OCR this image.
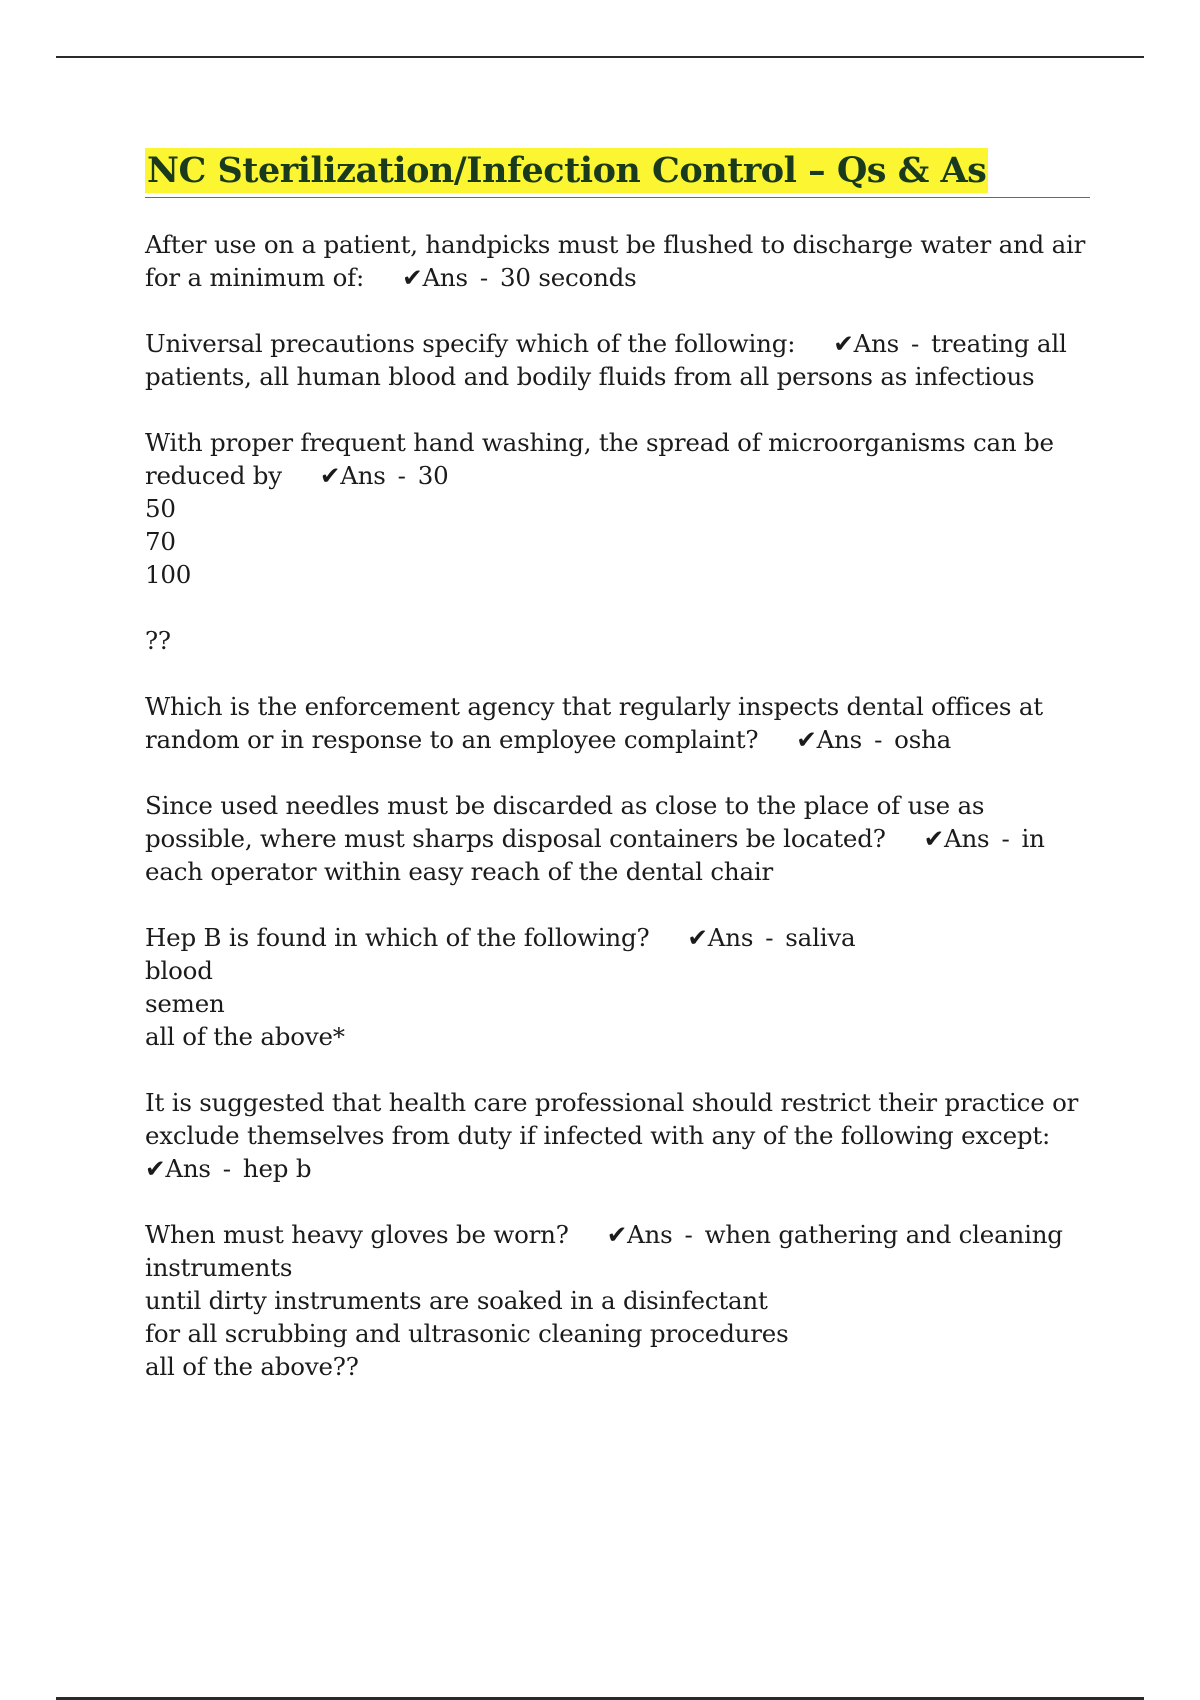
NC Sterilization/Infection Control – Qs & As

After use on a patient, handpicks must be flushed to discharge water and air for a minimum of: ✔Ans - 30 seconds

Universal precautions specify which of the following: ✔Ans - treating all patients, all human blood and bodily fluids from all persons as infectious

With proper frequent hand washing, the spread of microorganisms can be reduced by ✔Ans - 30
50
70
100

??

Which is the enforcement agency that regularly inspects dental offices at random or in response to an employee complaint? ✔Ans - osha

Since used needles must be discarded as close to the place of use as possible, where must sharps disposal containers be located? ✔Ans - in each operator within easy reach of the dental chair

Hep B is found in which of the following? ✔Ans - saliva
blood
semen
all of the above*

It is suggested that health care professional should restrict their practice or exclude themselves from duty if infected with any of the following except:
✔Ans - hep b

When must heavy gloves be worn? ✔Ans - when gathering and cleaning instruments
until dirty instruments are soaked in a disinfectant
for all scrubbing and ultrasonic cleaning procedures
all of the above??
